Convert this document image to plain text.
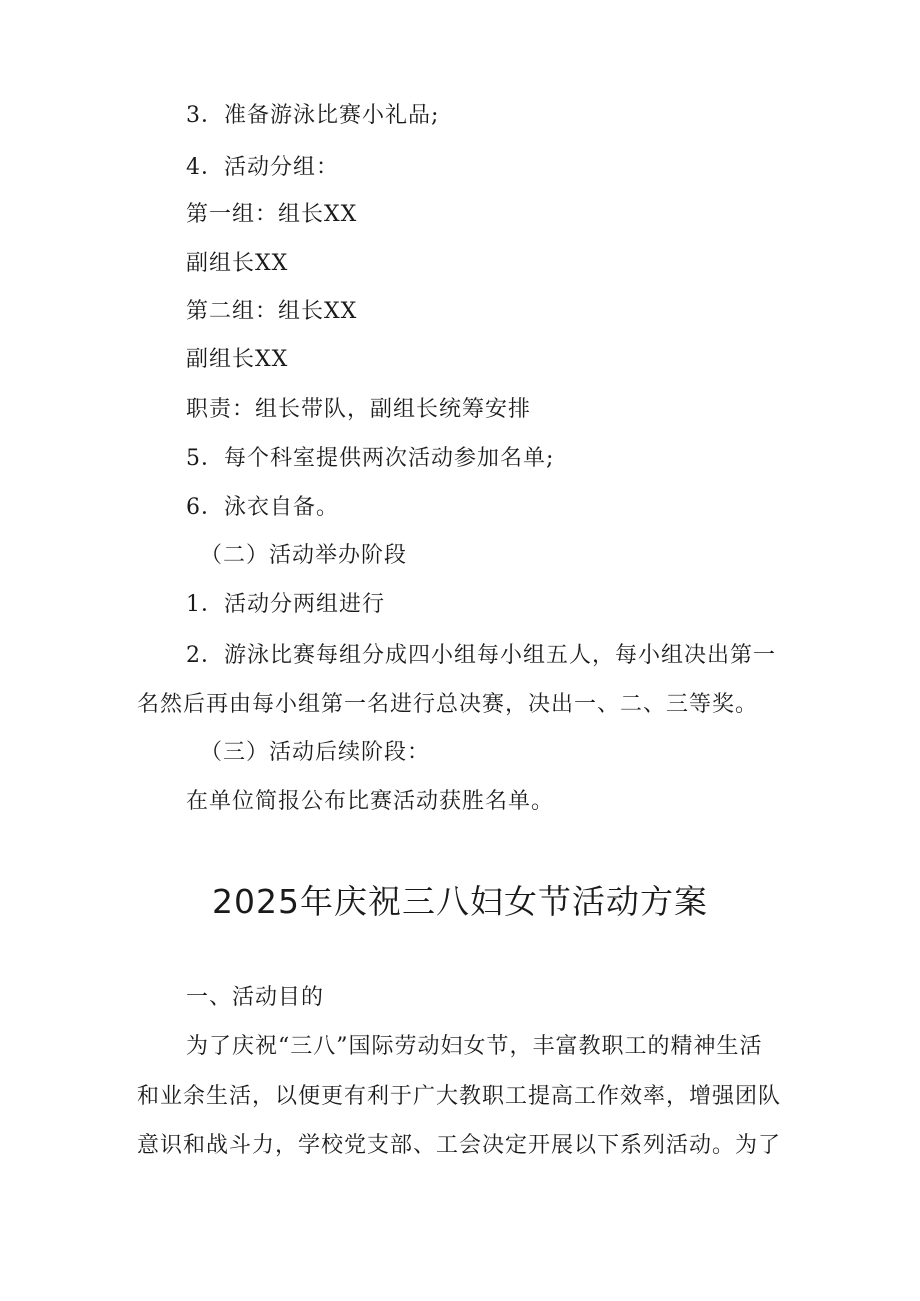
3．准备游泳比赛小礼品;
4．活动分组：
第一组：组长XX
副组长XX
第二组：组长XX
副组长XX
职责：组长带队，副组长统筹安排
5．每个科室提供两次活动参加名单;
6．泳衣自备。
（二）活动举办阶段
1．活动分两组进行
2．游泳比赛每组分成四小组每小组五人，每小组决出第一
名然后再由每小组第一名进行总决赛，决出一、二、三等奖。
（三）活动后续阶段：
在单位简报公布比赛活动获胜名单。
2025年庆祝三八妇女节活动方案
一、活动目的
为了庆祝“三八”国际劳动妇女节，丰富教职工的精神生活
和业余生活，以便更有利于广大教职工提高工作效率，增强团队
意识和战斗力，学校党支部、工会决定开展以下系列活动。为了
